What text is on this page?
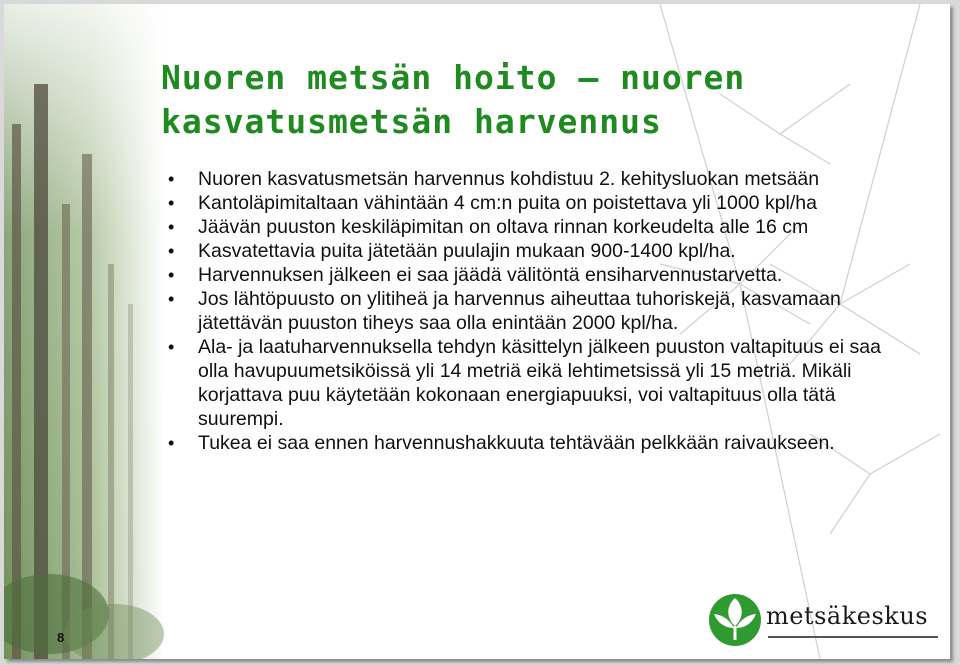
Nuoren metsän hoito – nuoren kasvatusmetsän harvennus
• Nuoren kasvatusmetsän harvennus kohdistuu 2. kehitysluokan metsään
• Kantoläpimitaltaan vähintään 4 cm:n puita on poistettava yli 1000 kpl/ha
• Jäävän puuston keskiläpimitan on oltava rinnan korkeudelta alle 16 cm
• Kasvatettavia puita jätetään puulajin mukaan 900-1400 kpl/ha.
• Harvennuksen jälkeen ei saa jäädä välitöntä ensiharvennustarvetta.
• Jos lähtöpuusto on ylitiheä ja harvennus aiheuttaa tuhoriskejä, kasvamaan jätettävän puuston tiheys saa olla enintään 2000 kpl/ha.
• Ala- ja laatuharvennuksella tehdyn käsittelyn jälkeen puuston valtapituus ei saa olla havupuumetsiköissä yli 14 metriä eikä lehtimetsissä yli 15 metriä. Mikäli korjattava puu käytetään kokonaan energiapuuksi, voi valtapituus olla tätä suurempi.
• Tukea ei saa ennen harvennushakkuuta tehtävään pelkkään raivaukseen.
8
metsäkeskus
